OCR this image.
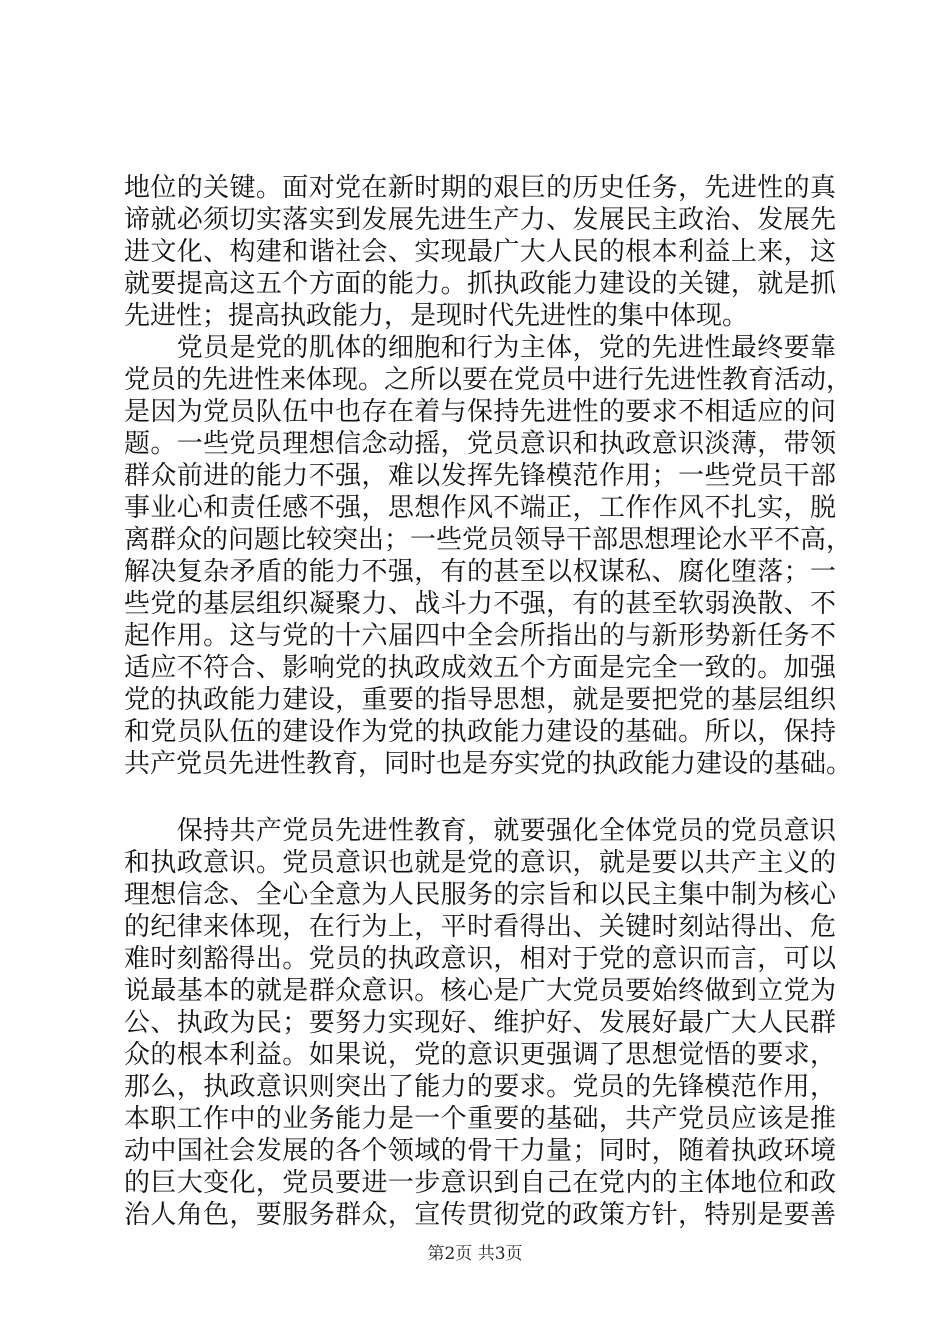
地位的关键。面对党在新时期的艰巨的历史任务，先进性的真
谛就必须切实落实到发展先进生产力、发展民主政治、发展先
进文化、构建和谐社会、实现最广大人民的根本利益上来，这
就要提高这五个方面的能力。抓执政能力建设的关键，就是抓
先进性；提高执政能力，是现时代先进性的集中体现。
　　党员是党的肌体的细胞和行为主体，党的先进性最终要靠
党员的先进性来体现。之所以要在党员中进行先进性教育活动，
是因为党员队伍中也存在着与保持先进性的要求不相适应的问
题。一些党员理想信念动摇，党员意识和执政意识淡薄，带领
群众前进的能力不强，难以发挥先锋模范作用；一些党员干部
事业心和责任感不强，思想作风不端正，工作作风不扎实，脱
离群众的问题比较突出；一些党员领导干部思想理论水平不高，
解决复杂矛盾的能力不强，有的甚至以权谋私、腐化堕落；一
些党的基层组织凝聚力、战斗力不强，有的甚至软弱涣散、不
起作用。这与党的十六届四中全会所指出的与新形势新任务不
适应不符合、影响党的执政成效五个方面是完全一致的。加强
党的执政能力建设，重要的指导思想，就是要把党的基层组织
和党员队伍的建设作为党的执政能力建设的基础。所以，保持
共产党员先进性教育，同时也是夯实党的执政能力建设的基础。
　　保持共产党员先进性教育，就要强化全体党员的党员意识
和执政意识。党员意识也就是党的意识，就是要以共产主义的
理想信念、全心全意为人民服务的宗旨和以民主集中制为核心
的纪律来体现，在行为上，平时看得出、关键时刻站得出、危
难时刻豁得出。党员的执政意识，相对于党的意识而言，可以
说最基本的就是群众意识。核心是广大党员要始终做到立党为
公、执政为民；要努力实现好、维护好、发展好最广大人民群
众的根本利益。如果说，党的意识更强调了思想觉悟的要求，
那么，执政意识则突出了能力的要求。党员的先锋模范作用，
本职工作中的业务能力是一个重要的基础，共产党员应该是推
动中国社会发展的各个领域的骨干力量；同时，随着执政环境
的巨大变化，党员要进一步意识到自己在党内的主体地位和政
治人角色，要服务群众，宣传贯彻党的政策方针，特别是要善
第2页 共3页
